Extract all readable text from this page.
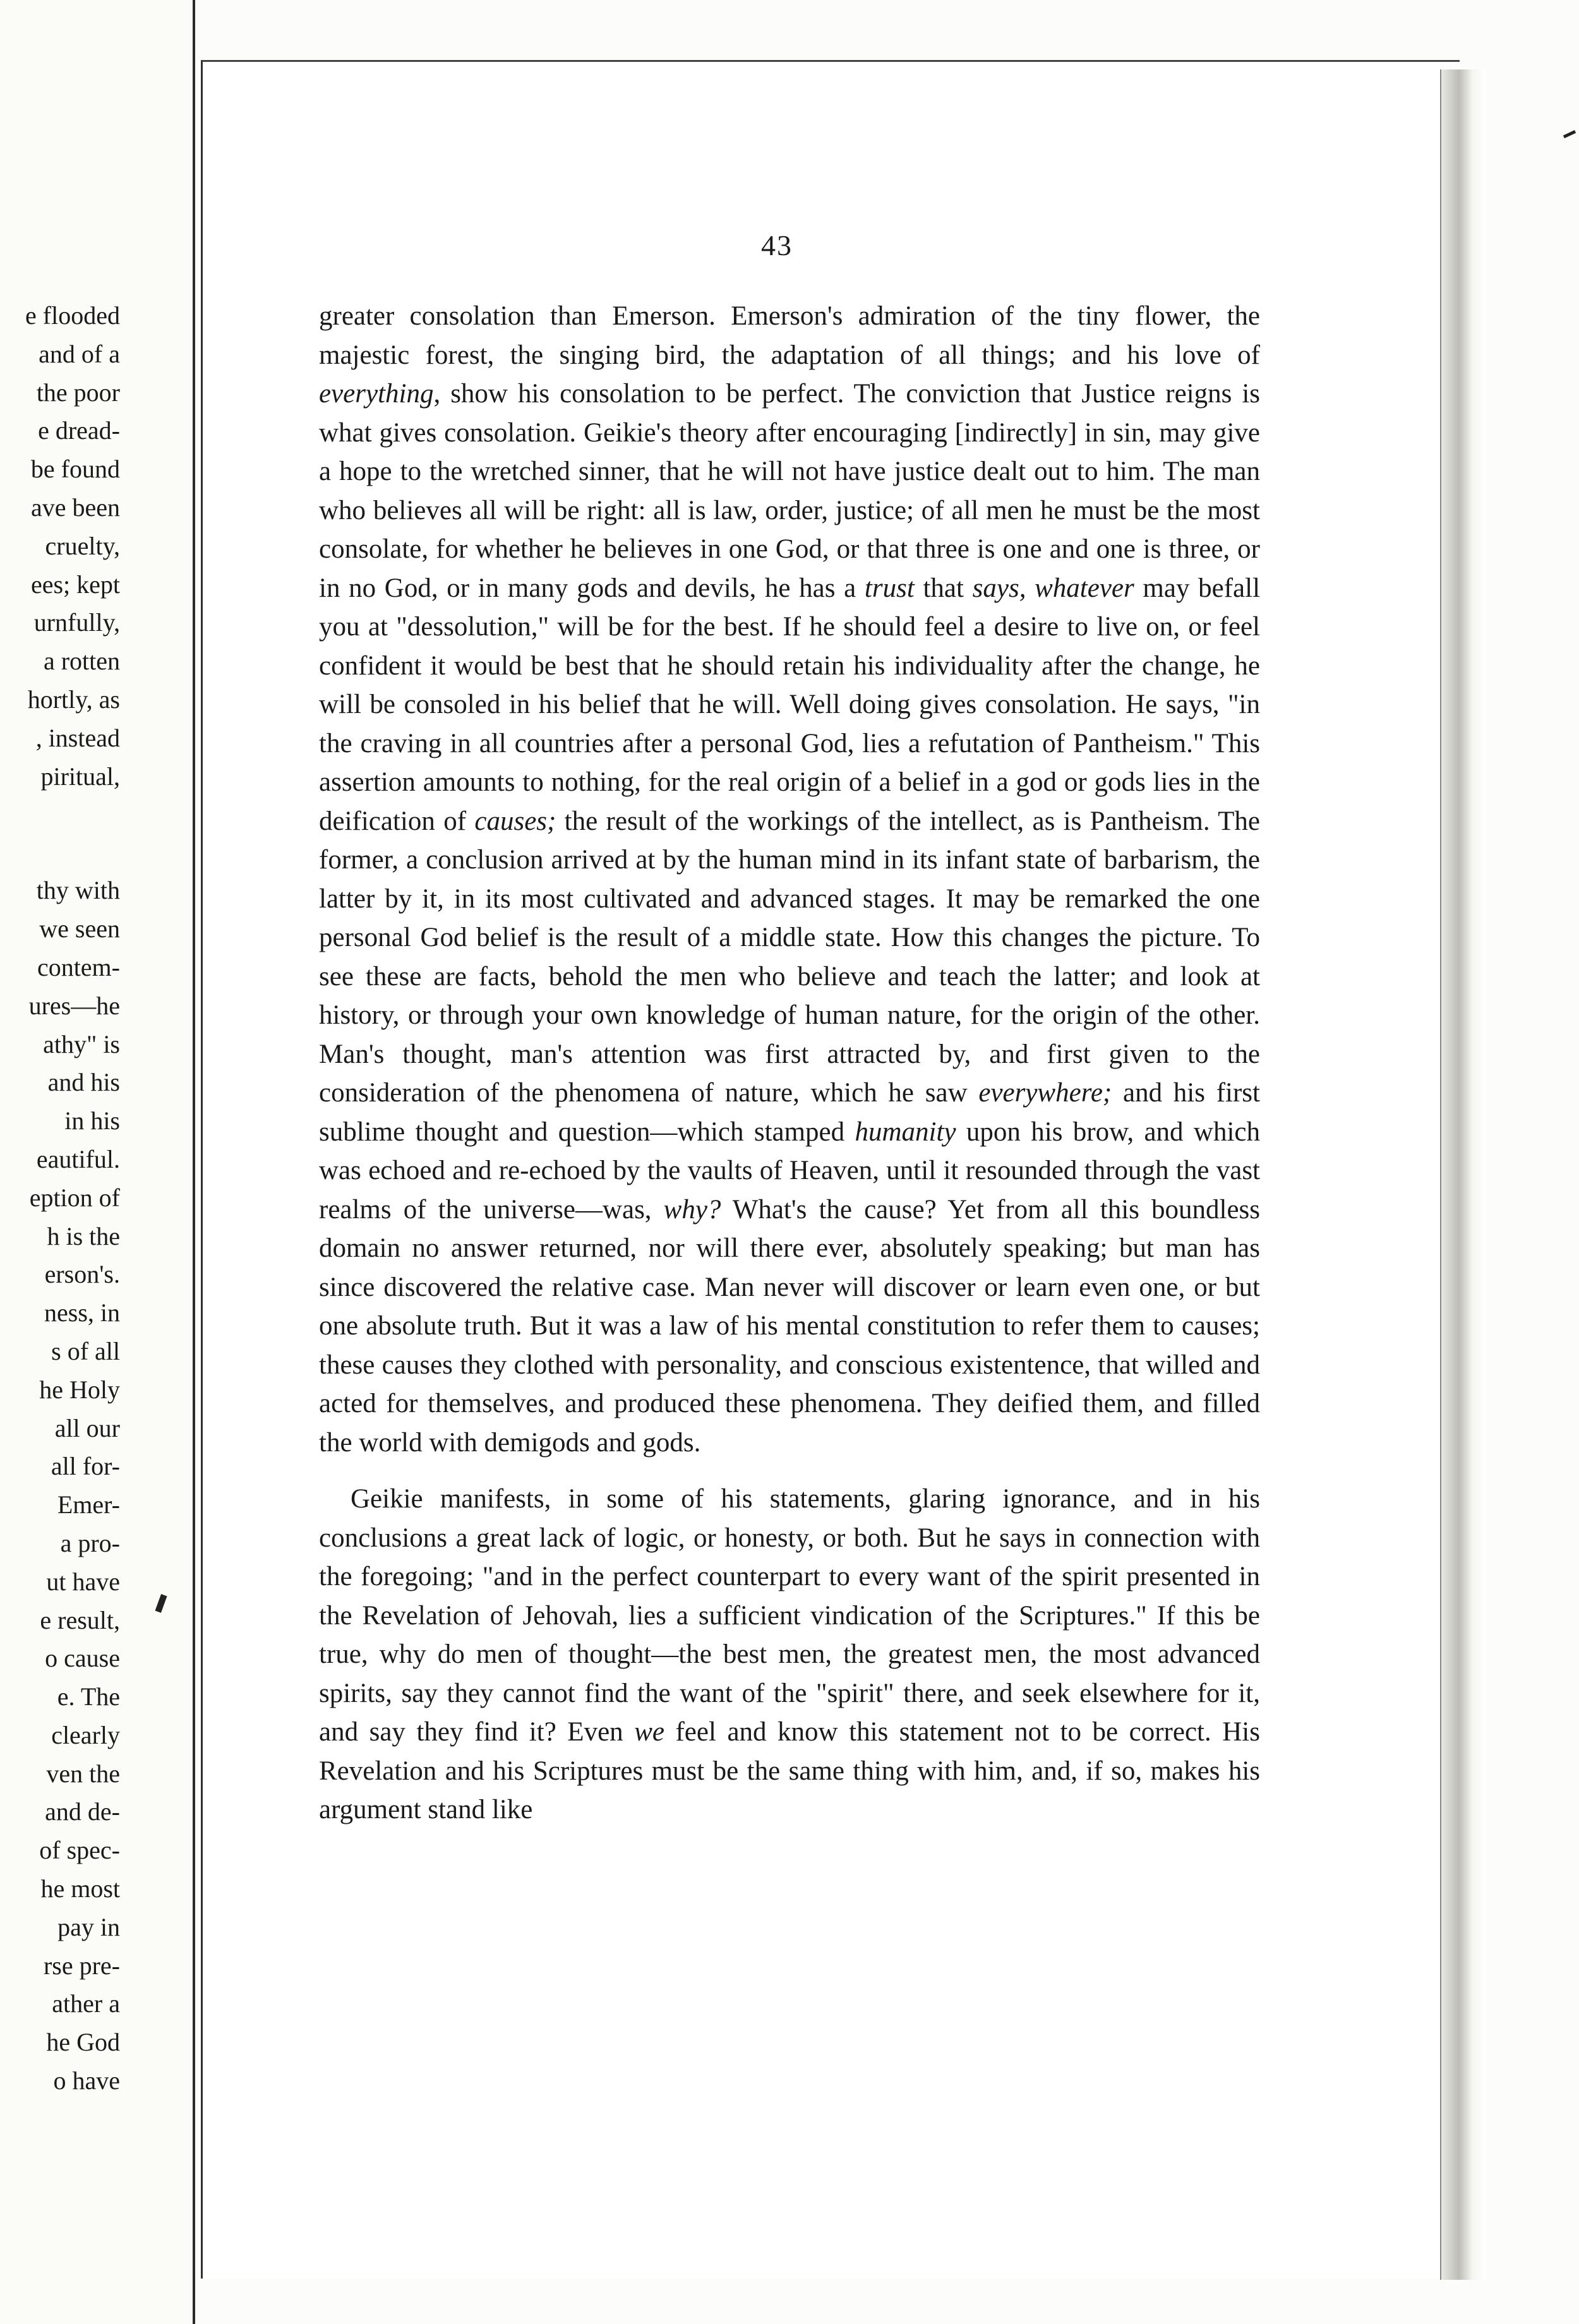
e flooded
and of a
the poor
e dread-
be found
ave been
cruelty,
ees; kept
urnfully,
a rotten
hortly, as
, instead
piritual,
thy with
we seen
contem-
ures—he
athy" is
and his
in his
eautiful.
eption of
h is the
erson's.
ness, in
s of all
he Holy
all our
all for-
Emer-
a pro-
ut have
e result,
o cause
e. The
clearly
ven the
and de-
of spec-
he most
pay in
rse pre-
ather a
he God
o have
43

greater consolation than Emerson. Emerson's admiration of the tiny flower, the majestic forest, the singing bird, the adaptation of all things; and his love of everything, show his consolation to be perfect. The conviction that Justice reigns is what gives consolation. Geikie's theory after encouraging [indirectly] in sin, may give a hope to the wretched sinner, that he will not have justice dealt out to him. The man who believes all will be right: all is law, order, justice; of all men he must be the most consolate, for whether he believes in one God, or that three is one and one is three, or in no God, or in many gods and devils, he has a trust that says, whatever may befall you at "dessolution," will be for the best. If he should feel a desire to live on, or feel confident it would be best that he should retain his individuality after the change, he will be consoled in his belief that he will. Well doing gives consolation. He says, "in the craving in all countries after a personal God, lies a refutation of Pantheism." This assertion amounts to nothing, for the real origin of a belief in a god or gods lies in the deification of causes; the result of the workings of the intellect, as is Pantheism. The former, a conclusion arrived at by the human mind in its infant state of barbarism, the latter by it, in its most cultivated and advanced stages. It may be remarked the one personal God belief is the result of a middle state. How this changes the picture. To see these are facts, behold the men who believe and teach the latter; and look at history, or through your own knowledge of human nature, for the origin of the other. Man's thought, man's attention was first attracted by, and first given to the consideration of the phenomena of nature, which he saw everywhere; and his first sublime thought and question—which stamped humanity upon his brow, and which was echoed and re-echoed by the vaults of Heaven, until it resounded through the vast realms of the universe—was, why? What's the cause? Yet from all this boundless domain no answer returned, nor will there ever, absolutely speaking; but man has since discovered the relative case. Man never will discover or learn even one, or but one absolute truth. But it was a law of his mental constitution to refer them to causes; these causes they clothed with personality, and conscious existentence, that willed and acted for themselves, and produced these phenomena. They deified them, and filled the world with demigods and gods.

Geikie manifests, in some of his statements, glaring ignorance, and in his conclusions a great lack of logic, or honesty, or both. But he says in connection with the foregoing; "and in the perfect counterpart to every want of the spirit presented in the Revelation of Jehovah, lies a sufficient vindication of the Scriptures." If this be true, why do men of thought—the best men, the greatest men, the most advanced spirits, say they cannot find the want of the "spirit" there, and seek elsewhere for it, and say they find it? Even we feel and know this statement not to be correct. His Revelation and his Scriptures must be the same thing with him, and, if so, makes his argument stand like
